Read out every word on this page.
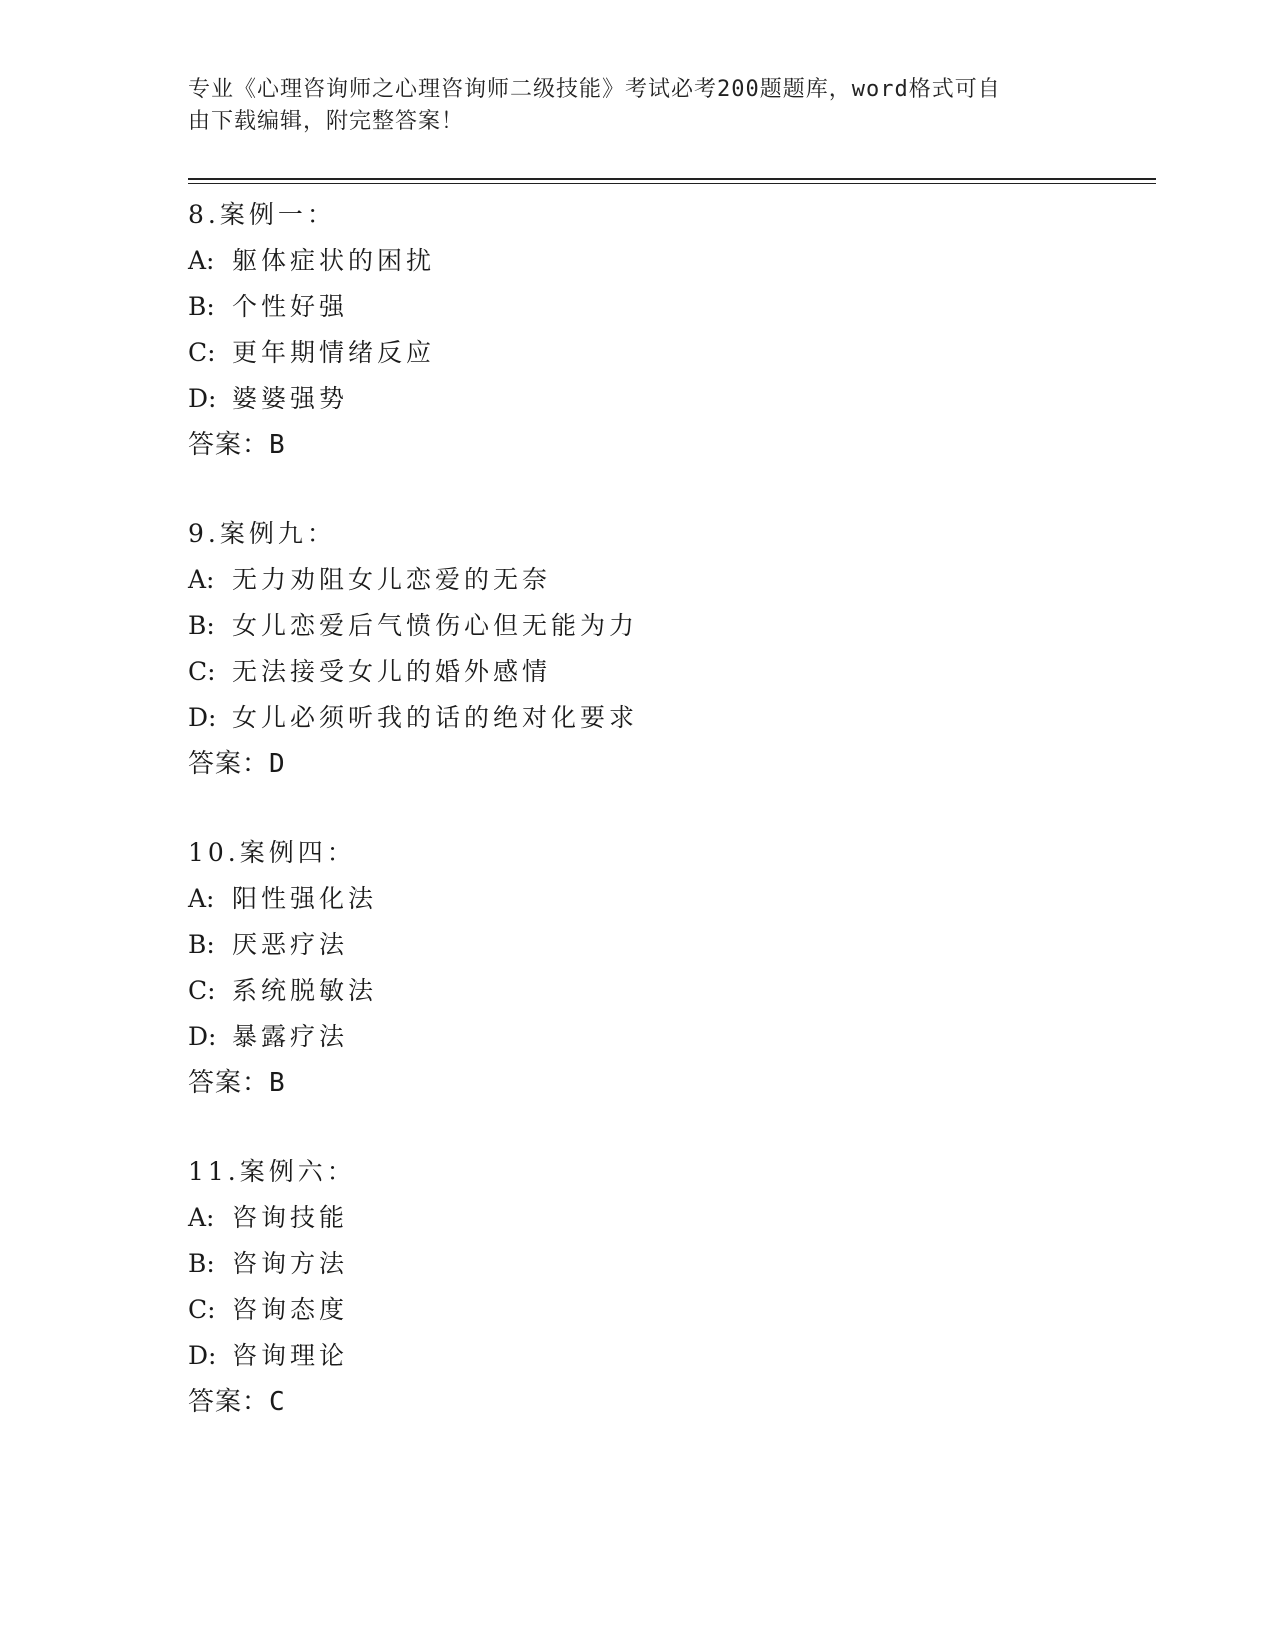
专业《心理咨询师之心理咨询师二级技能》考试必考200题题库，word格式可自
由下载编辑，附完整答案！
8.案例一：
A: 躯体症状的困扰
B: 个性好强
C: 更年期情绪反应
D: 婆婆强势
答案：B
9.案例九：
A: 无力劝阻女儿恋爱的无奈
B: 女儿恋爱后气愤伤心但无能为力
C: 无法接受女儿的婚外感情
D: 女儿必须听我的话的绝对化要求
答案：D
10.案例四：
A: 阳性强化法
B: 厌恶疗法
C: 系统脱敏法
D: 暴露疗法
答案：B
11.案例六：
A: 咨询技能
B: 咨询方法
C: 咨询态度
D: 咨询理论
答案：C
